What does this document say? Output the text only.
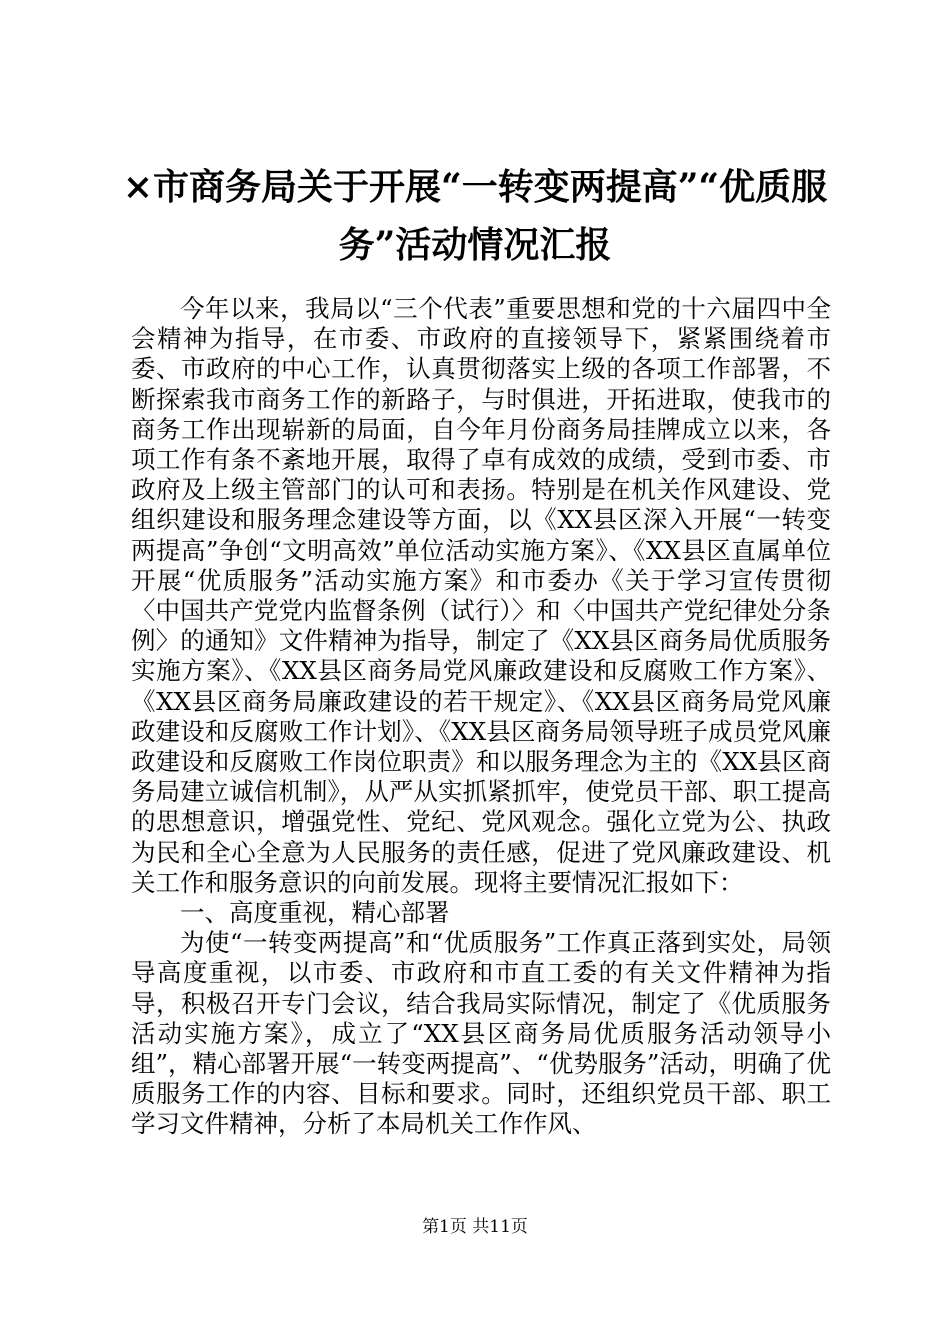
×市商务局关于开展“一转变两提高”“优质服务”活动情况汇报

今年以来，我局以“三个代表”重要思想和党的十六届四中全会精神为指导，在市委、市政府的直接领导下，紧紧围绕着市委、市政府的中心工作，认真贯彻落实上级的各项工作部署，不断探索我市商务工作的新路子，与时俱进，开拓进取，使我市的商务工作出现崭新的局面，自今年月份商务局挂牌成立以来，各项工作有条不紊地开展，取得了卓有成效的成绩，受到市委、市政府及上级主管部门的认可和表扬。特别是在机关作风建设、党组织建设和服务理念建设等方面，以《XX县区深入开展“一转变两提高”争创“文明高效”单位活动实施方案》、《XX县区直属单位开展“优质服务”活动实施方案》和市委办《关于学习宣传贯彻〈中国共产党党内监督条例（试行）〉和〈中国共产党纪律处分条例〉的通知》文件精神为指导，制定了《XX县区商务局优质服务实施方案》、《XX县区商务局党风廉政建设和反腐败工作方案》、《XX县区商务局廉政建设的若干规定》、《XX县区商务局党风廉政建设和反腐败工作计划》、《XX县区商务局领导班子成员党风廉政建设和反腐败工作岗位职责》和以服务理念为主的《XX县区商务局建立诚信机制》，从严从实抓紧抓牢，使党员干部、职工提高的思想意识，增强党性、党纪、党风观念。强化立党为公、执政为民和全心全意为人民服务的责任感，促进了党风廉政建设、机关工作和服务意识的向前发展。现将主要情况汇报如下：

一、高度重视，精心部署

为使“一转变两提高”和“优质服务”工作真正落到实处，局领导高度重视，以市委、市政府和市直工委的有关文件精神为指导，积极召开专门会议，结合我局实际情况，制定了《优质服务活动实施方案》，成立了“XX县区商务局优质服务活动领导小组”，精心部署开展“一转变两提高”、“优势服务”活动，明确了优质服务工作的内容、目标和要求。同时，还组织党员干部、职工学习文件精神，分析了本局机关工作作风、

第1页 共11页
